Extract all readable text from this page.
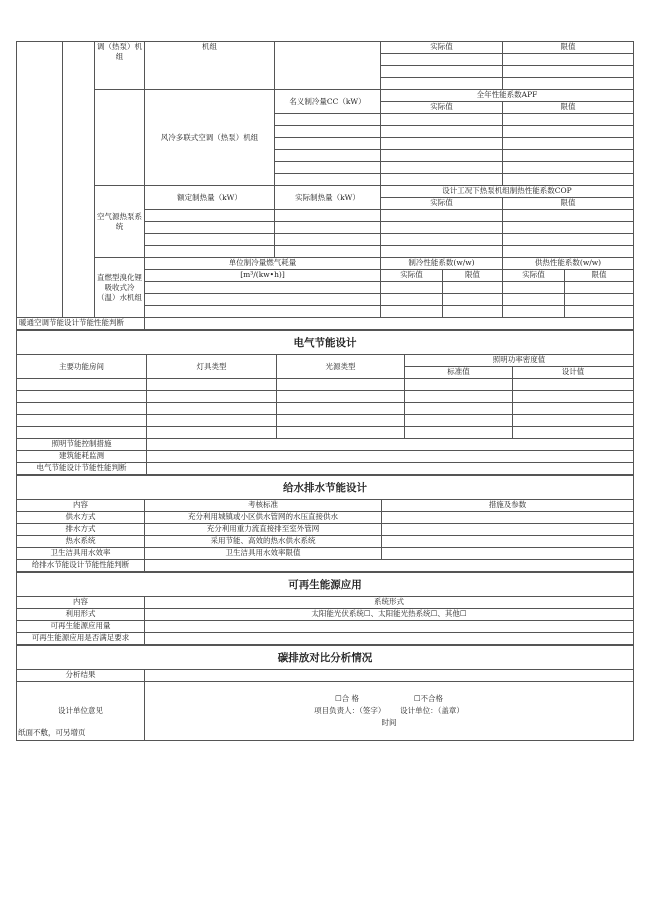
		调（热泵）机组	机组		实际值		限值	

			风冷多联式空调（热泵）机组	名义制冷量CC（kW）	全年性能系数APF			
					实际值		限值	

		空气源热泵系统	额定制热量（kW）	实际制热量（kW）	设计工况下热泵机组制热性能系数COP			
					实际值		限值	

		直燃型溴化锂吸收式冷（温）水机组	单位制冷量燃气耗量		制冷性能系数(w/w)		供热性能系数(w/w)	
			[m³/(kw•h)]		实际值	限值	实际值	限值

暖通空调节能设计节能性能判断								
电气节能设计				
主要功能房间	灯具类型	光源类型	照明功率密度值	
			标准值	设计值

照明节能控制措施				
建筑能耗监测				
电气节能设计节能性能判断				
给水排水节能设计		
内容	考核标准	措施及参数
供水方式	充分利用城镇或小区供水管网的水压直接供水	
排水方式	充分利用重力流直接排至室外管网	
热水系统	采用节能、高效的热水供水系统	
卫生洁具用水效率	卫生洁具用水效率限值	
给排水节能设计节能性能判断		
可再生能源应用	
内容	系统形式
利用形式	太阳能光伏系统☐、太阳能光热系统☐、其他☐
可再生能源应用量	
可再生能源应用是否满足要求	
碳排放对比分析情况	
分析结果	
设计单位意见	☐合 格 ☐不合格
项目负责人：（签字） 设计单位：（盖章）
时间
纸面不敷，可另增页
